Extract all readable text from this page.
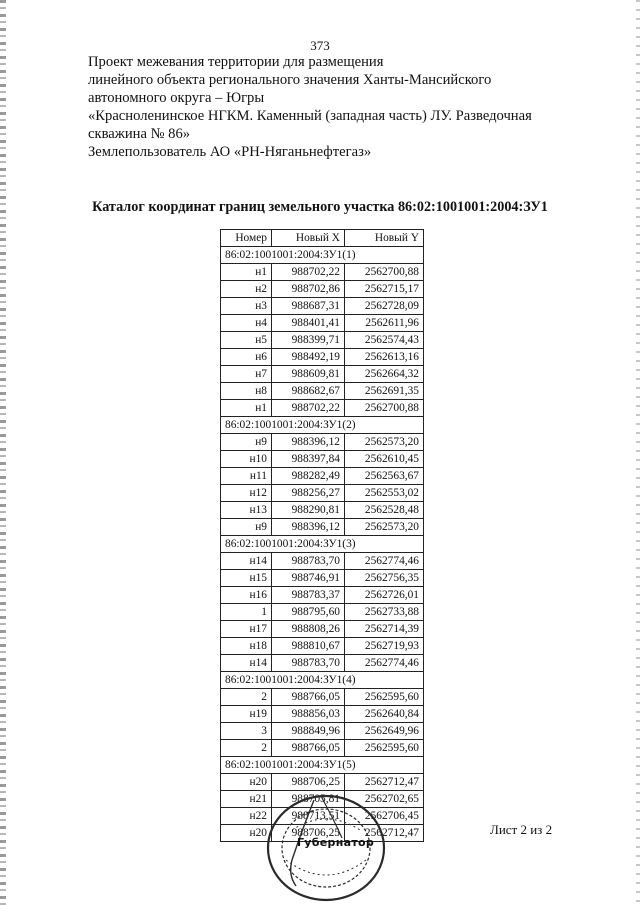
373
Проект межевания территории для размещения
линейного объекта регионального значения Ханты-Мансийского
автономного округа – Югры
«Красноленинское НГКМ. Каменный (западная часть) ЛУ. Разведочная
скважина № 86»
Землепользователь АО «РН-Няганьнефтегаз»
Каталог координат границ земельного участка 86:02:1001001:2004:ЗУ1
Номер	Новый X	Новый Y
86:02:1001001:2004:ЗУ1(1)		
н1	988702,22	2562700,88
н2	988702,86	2562715,17
н3	988687,31	2562728,09
н4	988401,41	2562611,96
н5	988399,71	2562574,43
н6	988492,19	2562613,16
н7	988609,81	2562664,32
н8	988682,67	2562691,35
н1	988702,22	2562700,88
86:02:1001001:2004:ЗУ1(2)		
н9	988396,12	2562573,20
н10	988397,84	2562610,45
н11	988282,49	2562563,67
н12	988256,27	2562553,02
н13	988290,81	2562528,48
н9	988396,12	2562573,20
86:02:1001001:2004:ЗУ1(3)		
н14	988783,70	2562774,46
н15	988746,91	2562756,35
н16	988783,37	2562726,01
1	988795,60	2562733,88
н17	988808,26	2562714,39
н18	988810,67	2562719,93
н14	988783,70	2562774,46
86:02:1001001:2004:ЗУ1(4)		
2	988766,05	2562595,60
н19	988856,03	2562640,84
3	988849,96	2562649,96
2	988766,05	2562595,60
86:02:1001001:2004:ЗУ1(5)		
н20	988706,25	2562712,47
н21	988705,81	2562702,65
н22	988713,51	2562706,45
н20	988706,25	2562712,47	Лист 2 из 2
Губернатор
